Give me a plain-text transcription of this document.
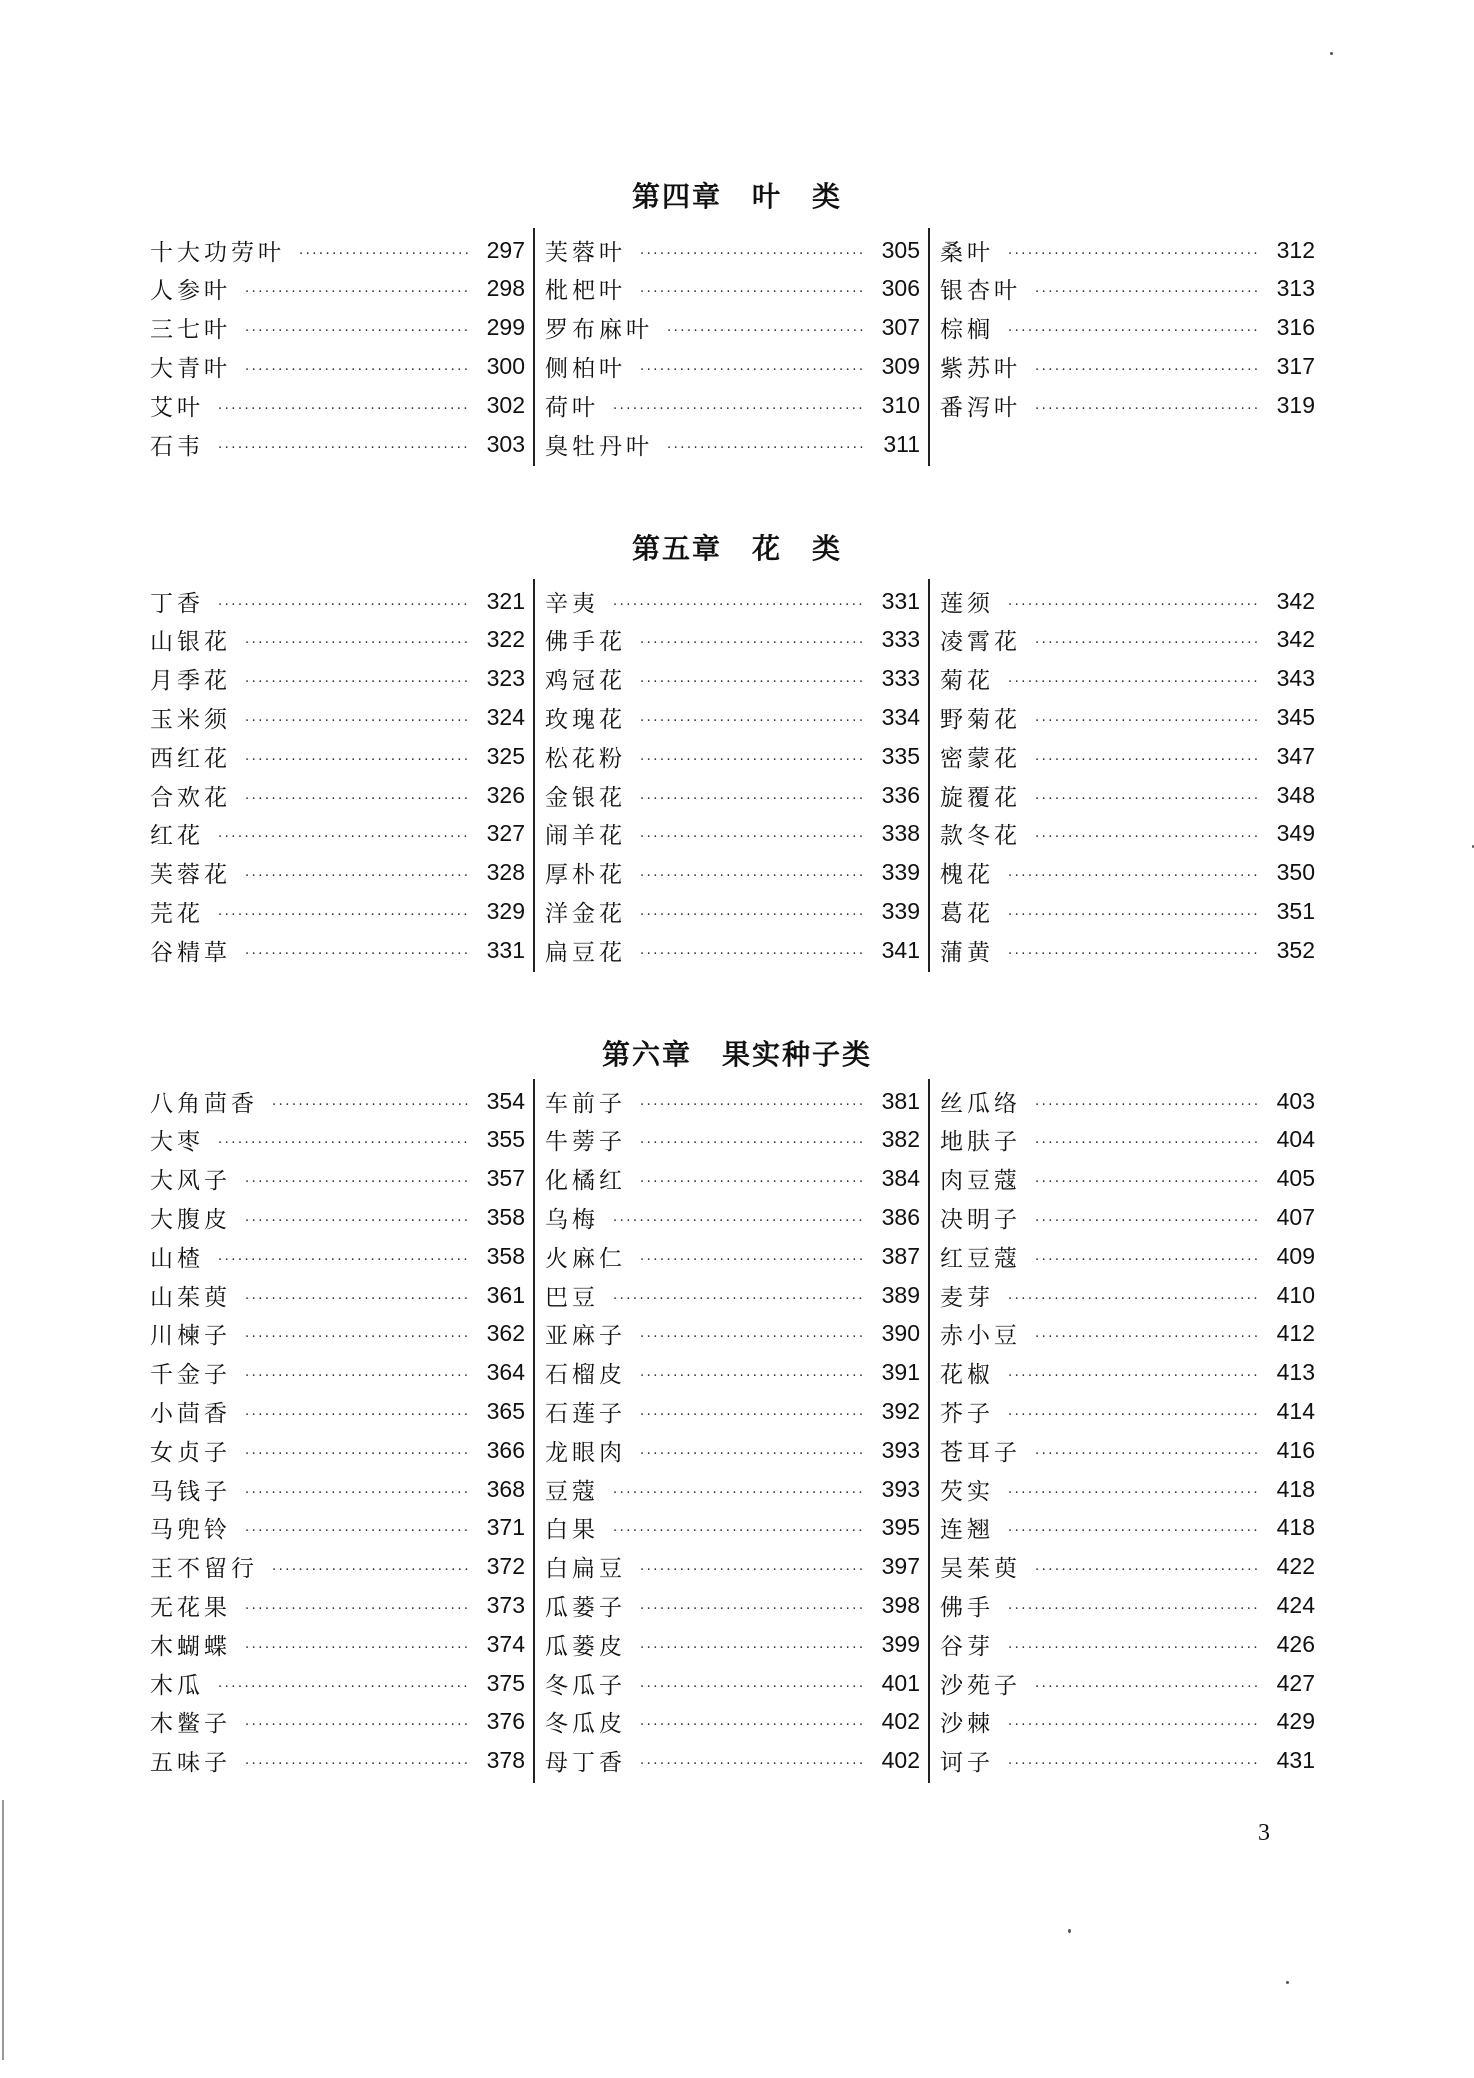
第四章　叶　类
第五章　花　类
第六章　果实种子类
十大功劳叶 .....	297
人参叶 .....	298
三七叶 .....	299
大青叶 .....	300
艾叶 .....	302
石韦 .....	303
芙蓉叶 .....	305
枇杷叶 .....	306
罗布麻叶 .....	307
侧柏叶 .....	309
荷叶 .....	310
臭牡丹叶 .....	311
桑叶 .....	312
银杏叶 .....	313
棕榈 .....	316
紫苏叶 .....	317
番泻叶 .....	319
丁香 .....	321
山银花 .....	322
月季花 .....	323
玉米须 .....	324
西红花 .....	325
合欢花 .....	326
红花 .....	327
芙蓉花 .....	328
芫花 .....	329
谷精草 .....	331
辛夷 .....	331
佛手花 .....	333
鸡冠花 .....	333
玫瑰花 .....	334
松花粉 .....	335
金银花 .....	336
闹羊花 .....	338
厚朴花 .....	339
洋金花 .....	339
扁豆花 .....	341
莲须 .....	342
凌霄花 .....	342
菊花 .....	343
野菊花 .....	345
密蒙花 .....	347
旋覆花 .....	348
款冬花 .....	349
槐花 .....	350
葛花 .....	351
蒲黄 .....	352
八角茴香 .....	354
大枣 .....	355
大风子 .....	357
大腹皮 .....	358
山楂 .....	358
山茱萸 .....	361
川楝子 .....	362
千金子 .....	364
小茴香 .....	365
女贞子 .....	366
马钱子 .....	368
马兜铃 .....	371
王不留行 .....	372
无花果 .....	373
木蝴蝶 .....	374
木瓜 .....	375
木鳖子 .....	376
五味子 .....	378
车前子 .....	381
牛蒡子 .....	382
化橘红 .....	384
乌梅 .....	386
火麻仁 .....	387
巴豆 .....	389
亚麻子 .....	390
石榴皮 .....	391
石莲子 .....	392
龙眼肉 .....	393
豆蔻 .....	393
白果 .....	395
白扁豆 .....	397
瓜蒌子 .....	398
瓜蒌皮 .....	399
冬瓜子 .....	401
冬瓜皮 .....	402
母丁香 .....	402
丝瓜络 .....	403
地肤子 .....	404
肉豆蔻 .....	405
决明子 .....	407
红豆蔻 .....	409
麦芽 .....	410
赤小豆 .....	412
花椒 .....	413
芥子 .....	414
苍耳子 .....	416
芡实 .....	418
连翘 .....	418
吴茱萸 .....	422
佛手 .....	424
谷芽 .....	426
沙苑子 .....	427
沙棘 .....	429
诃子 .....	431
3
